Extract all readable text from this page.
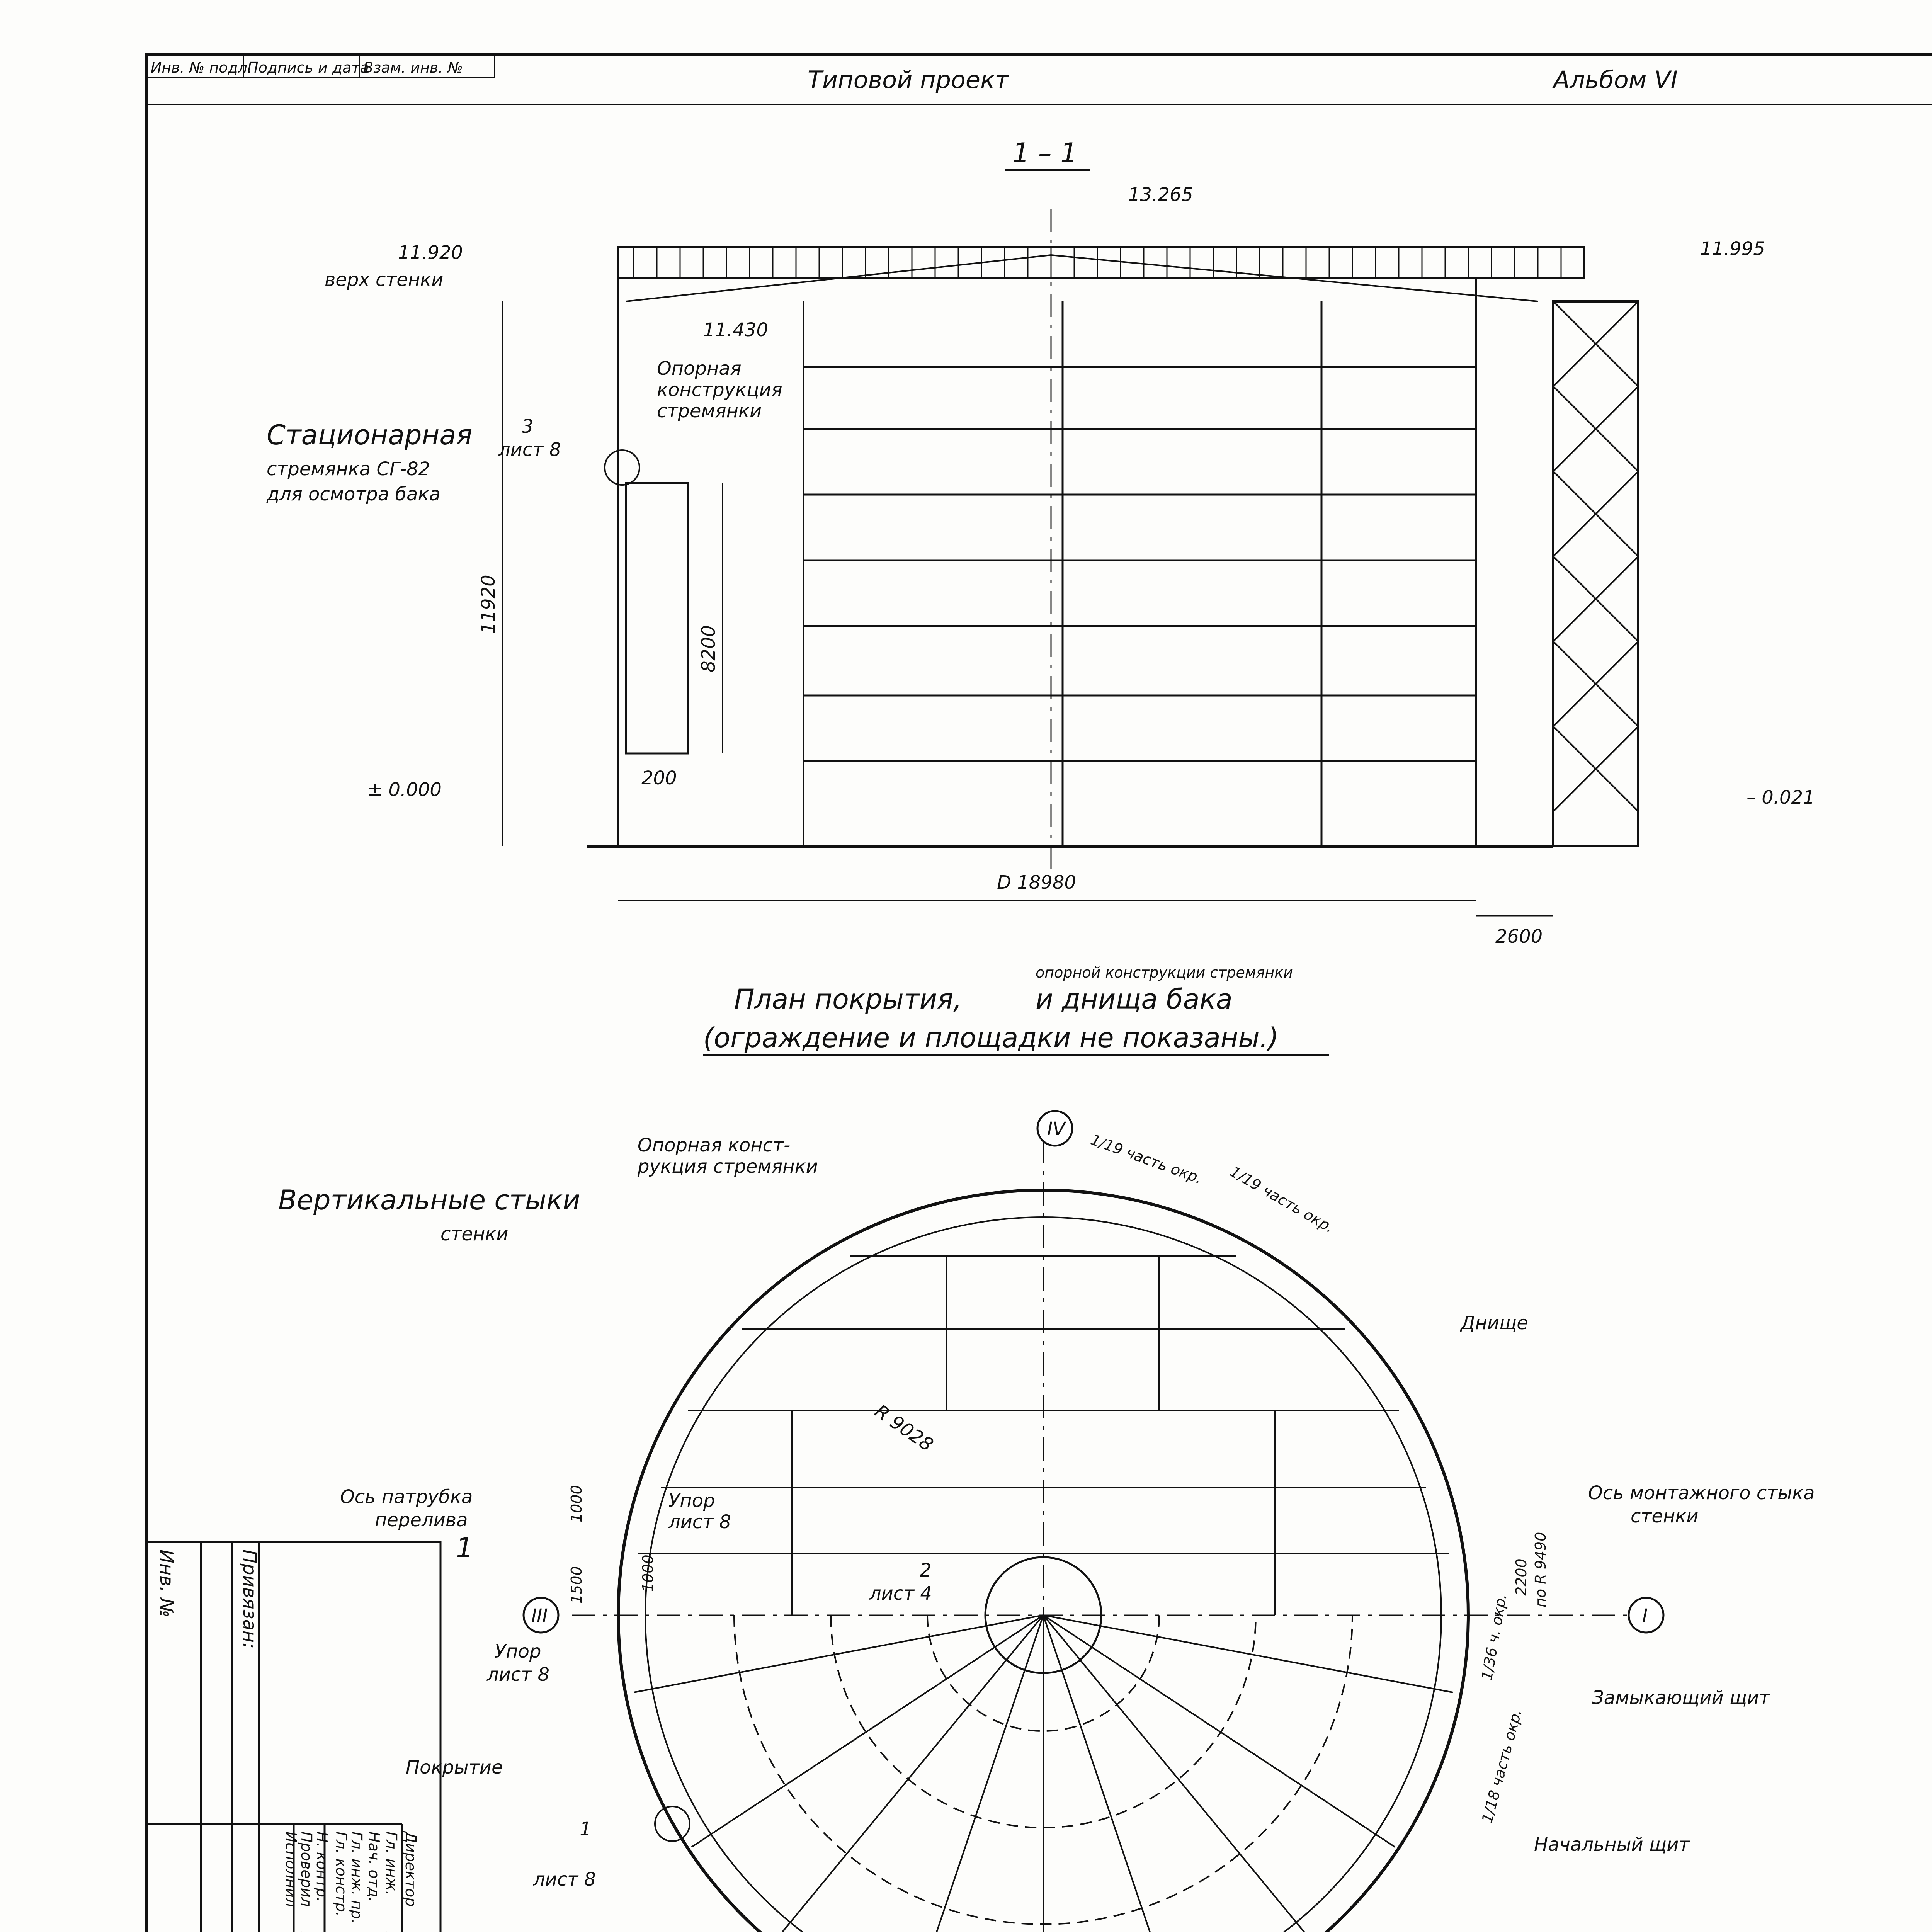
Инв. № подл.
Подпись и дата
Взам. инв. №	Типовой проект	Альбом VI
1 – 1
13.265
11.920
верх стенки
11.995
11.430
Опорная
конструкция
стремянки
Стационарная
стремянка СГ-82
для осмотра бака
3
лист 8
11920
8200
200
± 0.000	– 0.021
D 18980
2600
опорной конструкции стремянки
План покрытия,	и днища бака
(ограждение и площадки не показаны.)
IV
I
III
Опорная конст-
рукция стремянки
Вертикальные стыки
стенки
1/19 часть окр.
1/19 часть окр.
Днище
R 9028
Ось патрубка
перелива	1000
1500	1000
Упор
лист 8
Упор
лист 8
2
лист 4
1
Ось монтажного стыка
стенки
2200 по R 9490
1/36 ч. окр.
1/18 часть окр.
Замыкающий щит
Покрытие
Начальный щит
1
лист 8
Инв. №	Привязан:
Директор
Гл. инж.
Нач. отд.
Гл. инж. пр.
Гл. констр.
Н. контр.
Проверил
Исполнил
